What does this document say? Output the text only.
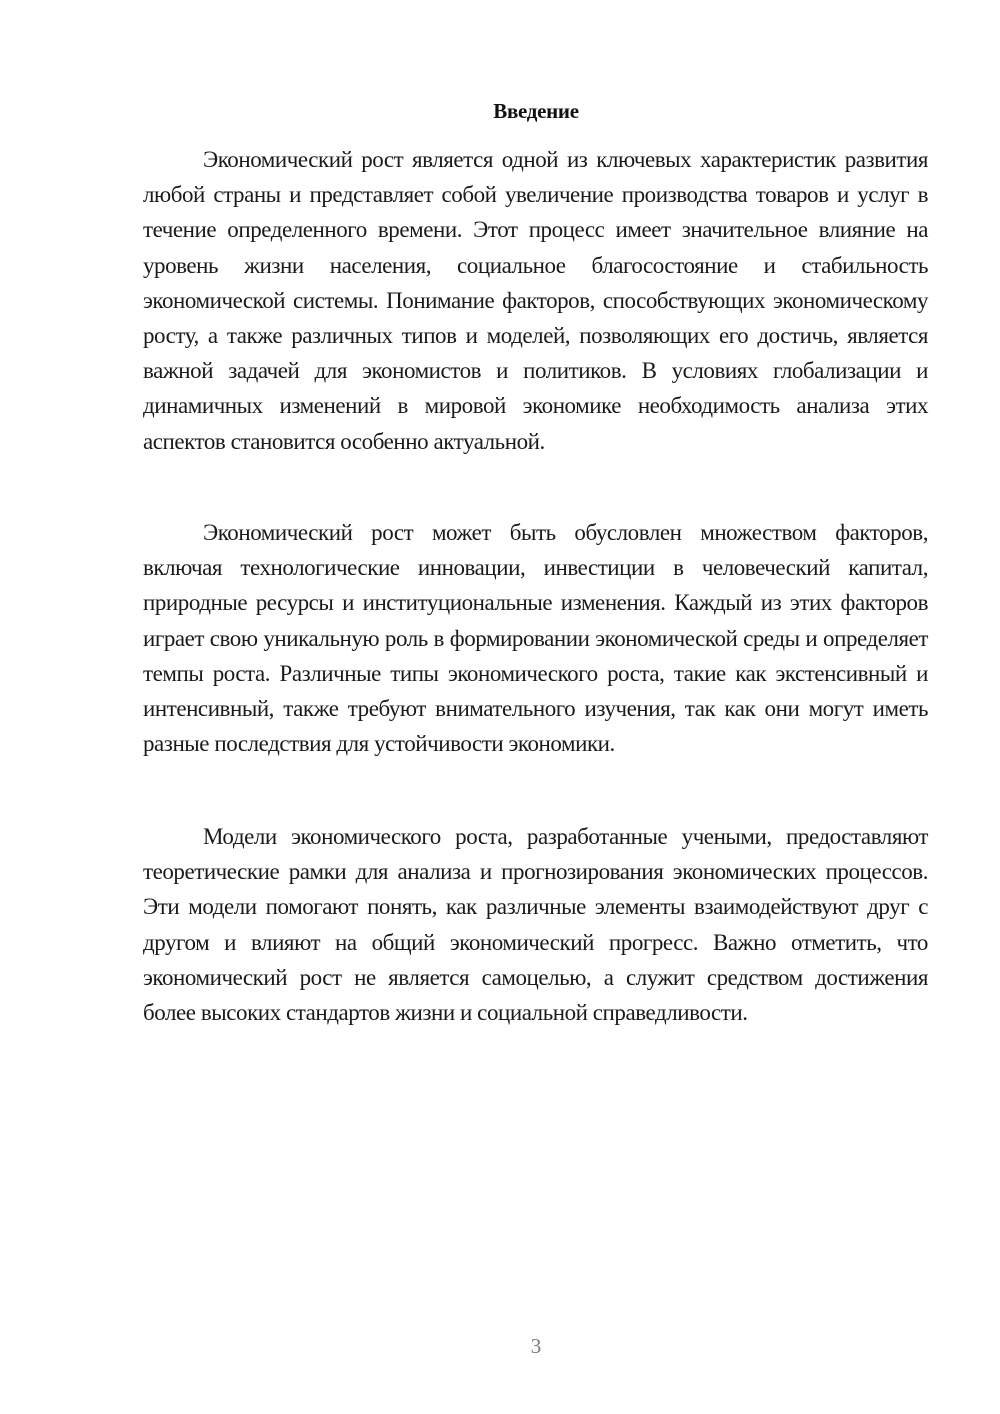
Введение

Экономический рост является одной из ключевых характеристик развития любой страны и представляет собой увеличение производства товаров и услуг в течение определенного времени. Этот процесс имеет значительное влияние на уровень жизни населения, социальное благосостояние и стабильность экономической системы. Понимание факторов, способствующих экономическому росту, а также различных типов и моделей, позволяющих его достичь, является важной задачей для экономистов и политиков. В условиях глобализации и динамичных изменений в мировой экономике необходимость анализа этих аспектов становится особенно актуальной.

Экономический рост может быть обусловлен множеством факторов, включая технологические инновации, инвестиции в человеческий капитал, природные ресурсы и институциональные изменения. Каждый из этих факторов играет свою уникальную роль в формировании экономической среды и определяет темпы роста. Различные типы экономического роста, такие как экстенсивный и интенсивный, также требуют внимательного изучения, так как они могут иметь разные последствия для устойчивости экономики.

Модели экономического роста, разработанные учеными, предоставляют теоретические рамки для анализа и прогнозирования экономических процессов. Эти модели помогают понять, как различные элементы взаимодействуют друг с другом и влияют на общий экономический прогресс. Важно отметить, что экономический рост не является самоцелью, а служит средством достижения более высоких стандартов жизни и социальной справедливости.

3
